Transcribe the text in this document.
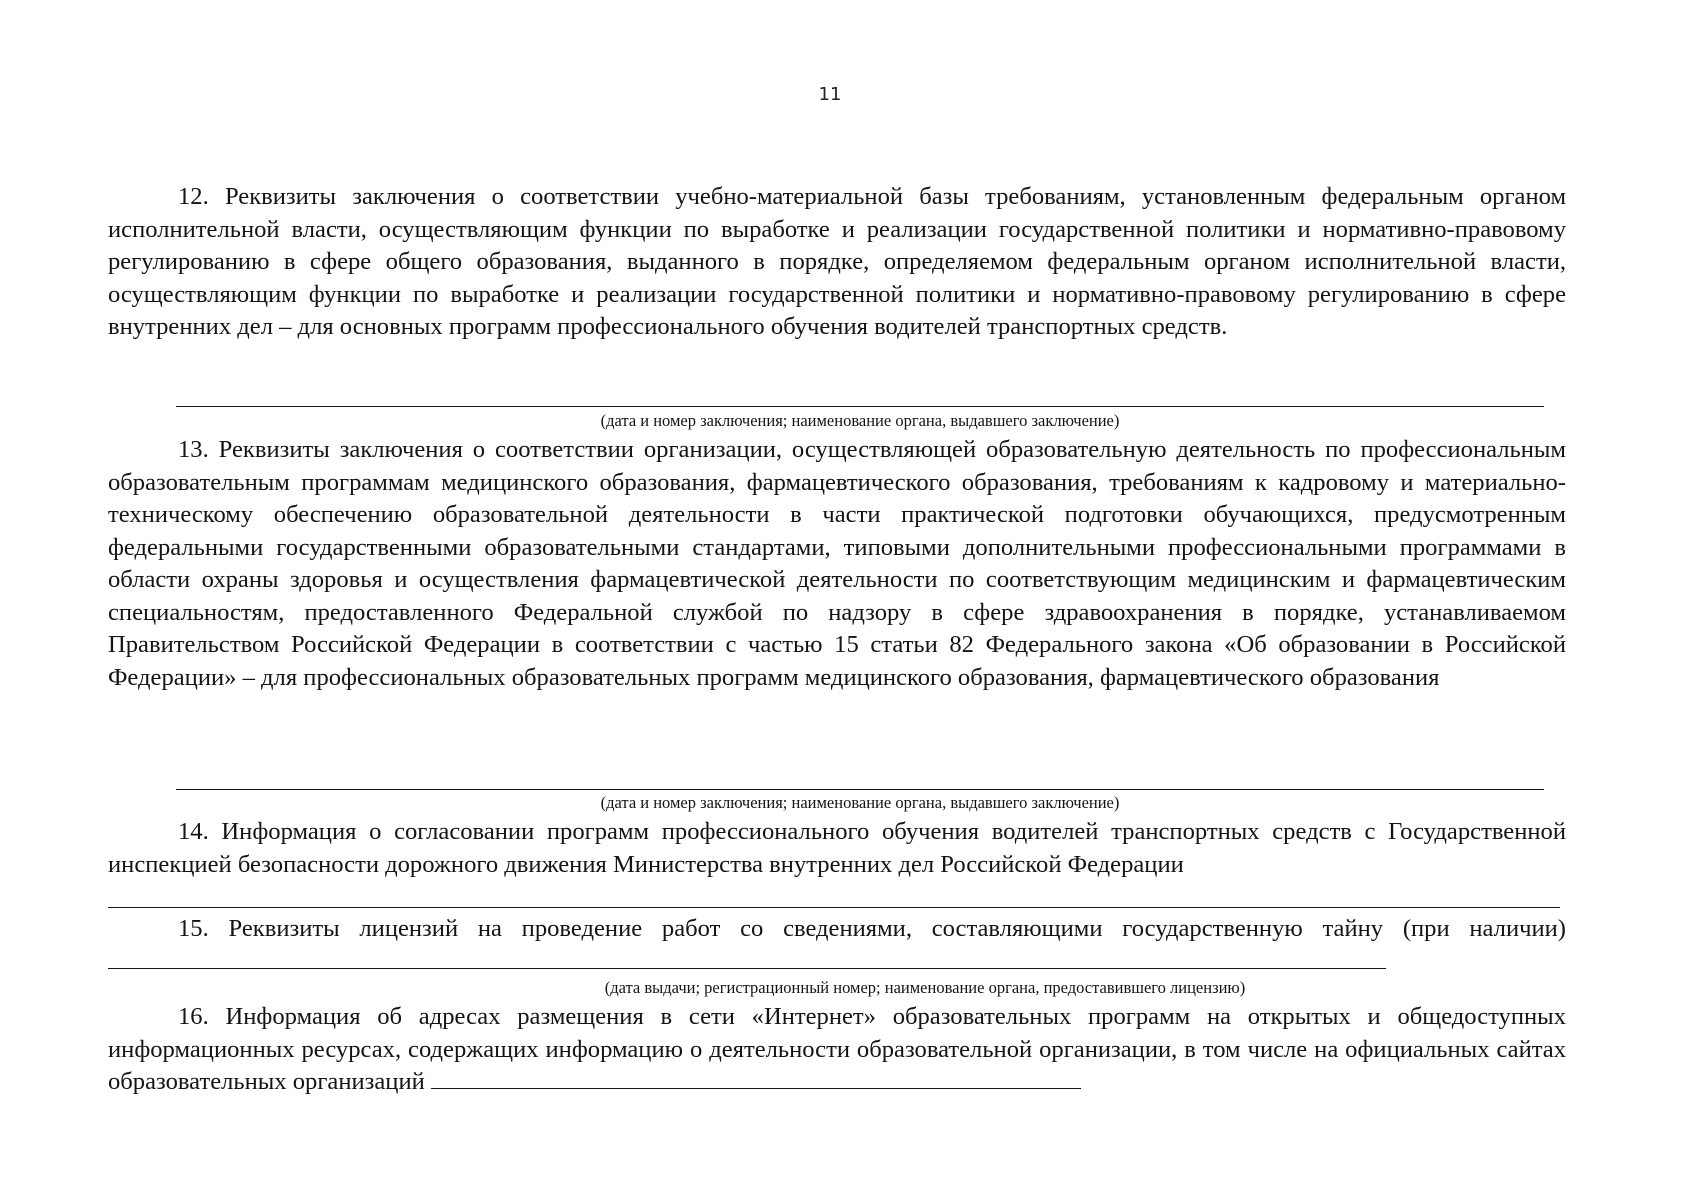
11

12. Реквизиты заключения о соответствии учебно-материальной базы требованиям, установленным федеральным органом исполнительной власти, осуществляющим функции по выработке и реализации государственной политики и нормативно-правовому регулированию в сфере общего образования, выданного в порядке, определяемом федеральным органом исполнительной власти, осуществляющим функции по выработке и реализации государственной политики и нормативно-правовому регулированию в сфере внутренних дел – для основных программ профессионального обучения водителей транспортных средств.

(дата и номер заключения; наименование органа, выдавшего заключение)

13. Реквизиты заключения о соответствии организации, осуществляющей образовательную деятельность по профессиональным образовательным программам медицинского образования, фармацевтического образования, требованиям к кадровому и материально-техническому обеспечению образовательной деятельности в части практической подготовки обучающихся, предусмотренным федеральными государственными образовательными стандартами, типовыми дополнительными профессиональными программами в области охраны здоровья и осуществления фармацевтической деятельности по соответствующим медицинским и фармацевтическим специальностям, предоставленного Федеральной службой по надзору в сфере здравоохранения в порядке, устанавливаемом Правительством Российской Федерации в соответствии с частью 15 статьи 82 Федерального закона «Об образовании в Российской Федерации» – для профессиональных образовательных программ медицинского образования, фармацевтического образования

(дата и номер заключения; наименование органа, выдавшего заключение)

14. Информация о согласовании программ профессионального обучения водителей транспортных средств с Государственной инспекцией безопасности дорожного движения Министерства внутренних дел Российской Федерации

15. Реквизиты лицензий на проведение работ со сведениями, составляющими государственную тайну (при наличии)

(дата выдачи; регистрационный номер; наименование органа, предоставившего лицензию)

16. Информация об адресах размещения в сети «Интернет» образовательных программ на открытых и общедоступных информационных ресурсах, содержащих информацию о деятельности образовательной организации, в том числе на официальных сайтах образовательных организаций
